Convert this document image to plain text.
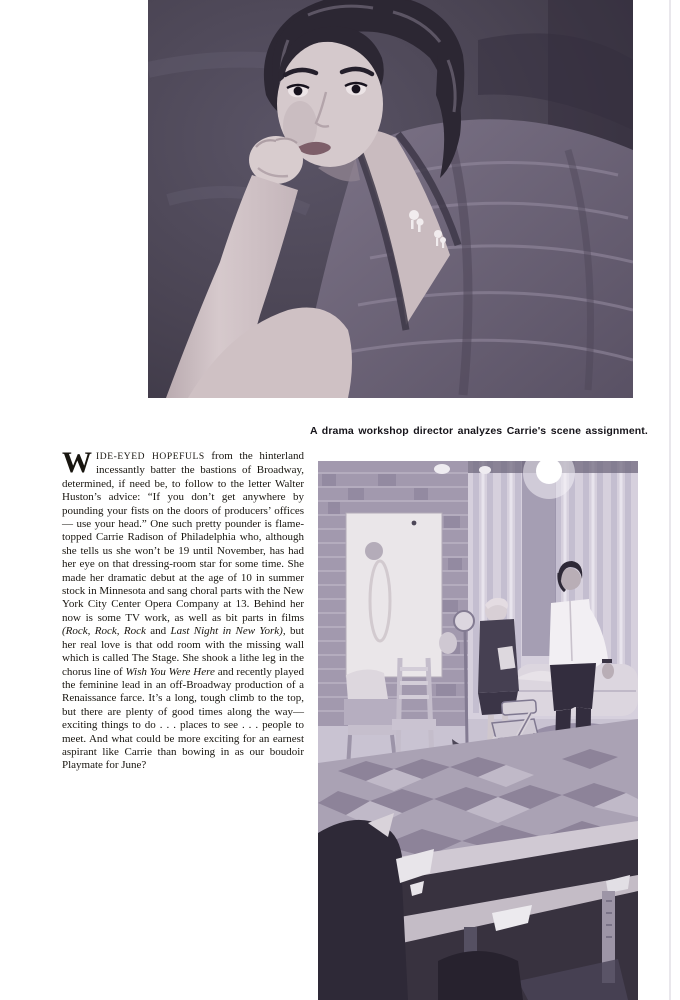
A drama workshop director analyzes Carrie's scene assignment.

WIDE-EYED HOPEFULS from the hinterland incessantly batter the bastions of Broadway, determined, if need be, to follow to the letter Walter Huston’s advice: “If you don’t get anywhere by pounding your fists on the doors of producers’ offices — use your head.” One such pretty pounder is flame-topped Carrie Radison of Philadelphia who, although she tells us she won’t be 19 until November, has had her eye on that dressing-room star for some time. She made her dramatic debut at the age of 10 in summer stock in Minnesota and sang choral parts with the New York City Center Opera Company at 13. Behind her now is some TV work, as well as bit parts in films (Rock, Rock, Rock and Last Night in New York), but her real love is that odd room with the missing wall which is called The Stage. She shook a lithe leg in the chorus line of Wish You Were Here and recently played the feminine lead in an off-Broadway production of a Renaissance farce. It’s a long, tough climb to the top, but there are plenty of good times along the way—exciting things to do . . . places to see . . . people to meet. And what could be more exciting for an earnest aspirant like Carrie than bowing in as our boudoir Playmate for June?
